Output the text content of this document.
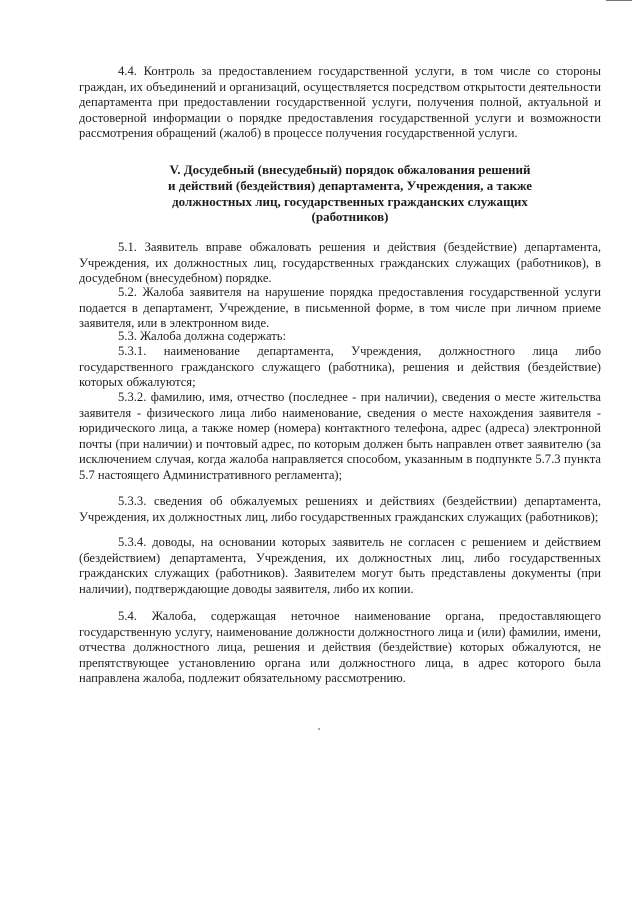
4.4. Контроль за предоставлением государственной услуги, в том числе со стороны граждан, их объединений и организаций, осуществляется посредством открытости деятельности департамента при предоставлении государственной услуги, получения полной, актуальной и достоверной информации о порядке предоставления государственной услуги и возможности рассмотрения обращений (жалоб) в процессе получения государственной услуги.
V. Досудебный (внесудебный) порядок обжалования решений
и действий (бездействия) департамента, Учреждения, а также
должностных лиц, государственных гражданских служащих
(работников)
5.1. Заявитель вправе обжаловать решения и действия (бездействие) департамента, Учреждения, их должностных лиц, государственных гражданских служащих (работников), в досудебном (внесудебном) порядке.
5.2. Жалоба заявителя на нарушение порядка предоставления государственной услуги подается в департамент, Учреждение, в письменной форме, в том числе при личном приеме заявителя, или в электронном виде.
5.3. Жалоба должна содержать:
5.3.1. наименование департамента, Учреждения, должностного лица либо государственного гражданского служащего (работника), решения и действия (бездействие) которых обжалуются;
5.3.2. фамилию, имя, отчество (последнее - при наличии), сведения о месте жительства заявителя - физического лица либо наименование, сведения о месте нахождения заявителя - юридического лица, а также номер (номера) контактного телефона, адрес (адреса) электронной почты (при наличии) и почтовый адрес, по которым должен быть направлен ответ заявителю (за исключением случая, когда жалоба направляется способом, указанным в подпункте 5.7.3 пункта 5.7 настоящего Административного регламента);
5.3.3. сведения об обжалуемых решениях и действиях (бездействии) департамента, Учреждения, их должностных лиц, либо государственных гражданских служащих (работников);
5.3.4. доводы, на основании которых заявитель не согласен с решением и действием (бездействием) департамента, Учреждения, их должностных лиц, либо государственных гражданских служащих (работников). Заявителем могут быть представлены документы (при наличии), подтверждающие доводы заявителя, либо их копии.
5.4. Жалоба, содержащая неточное наименование органа, предоставляющего государственную услугу, наименование должности должностного лица и (или) фамилии, имени, отчества должностного лица, решения и действия (бездействие) которых обжалуются, не препятствующее установлению органа или должностного лица, в адрес которого была направлена жалоба, подлежит обязательному рассмотрению.
